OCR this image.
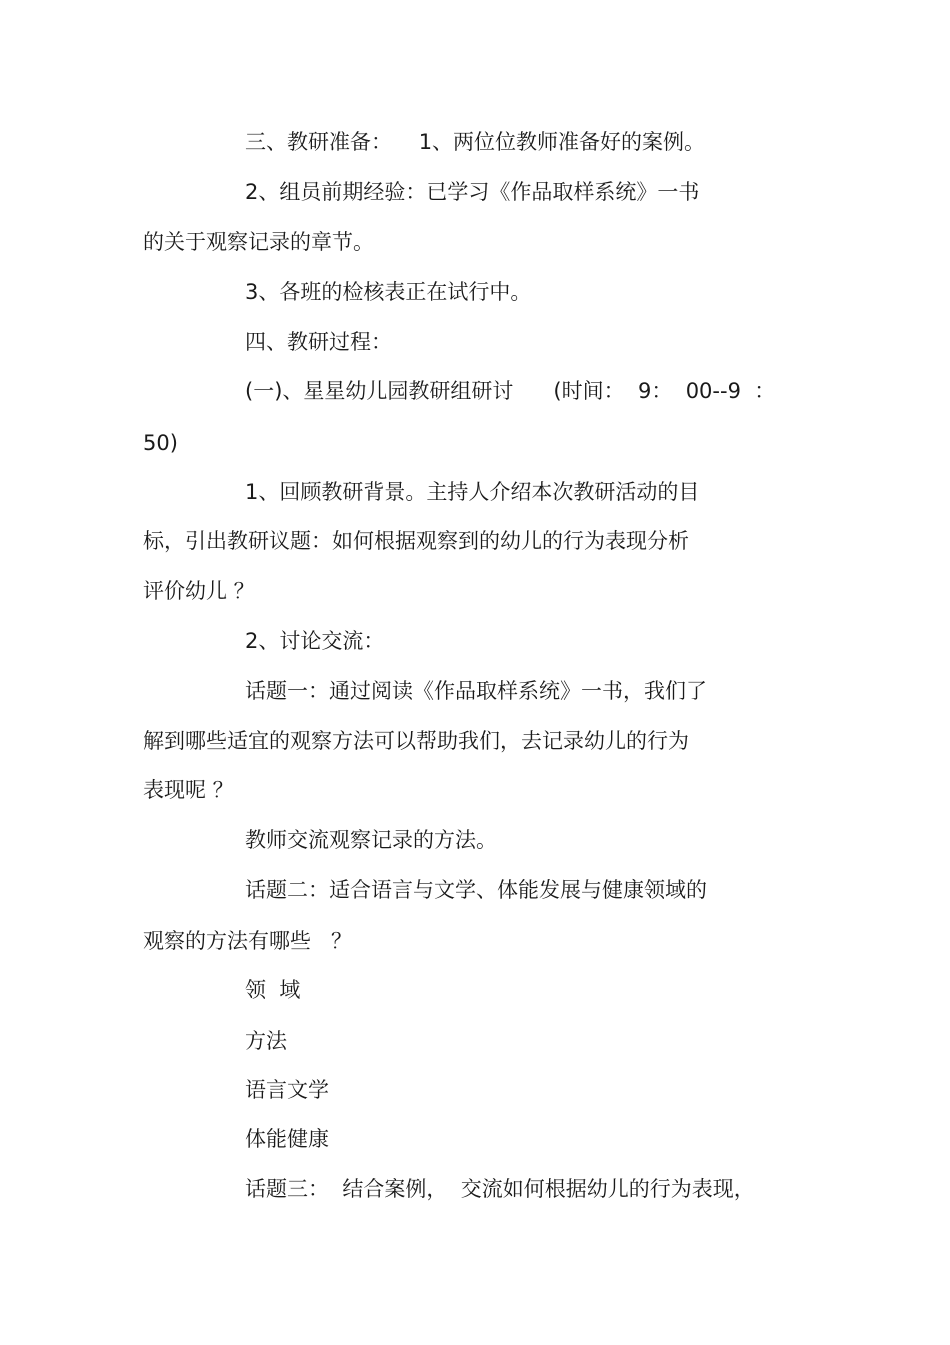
三、教研准备：    1、两位位教师准备好的案例。
2、组员前期经验：已学习《作品取样系统》一书
的关于观察记录的章节。
3、各班的检核表正在试行中。
四、教研过程：
(一)、星星幼儿园教研组研讨      (时间：  9：  00--9  ：
50)
1、回顾教研背景。主持人介绍本次教研活动的目
标，引出教研议题：如何根据观察到的幼儿的行为表现分析
评价幼儿 ？
2、讨论交流：
话题一：通过阅读《作品取样系统》一书，我们了
解到哪些适宜的观察方法可以帮助我们，去记录幼儿的行为
表现呢 ？
教师交流观察记录的方法。
话题二：适合语言与文学、体能发展与健康领域的
观察的方法有哪些   ？
领  域
方法
语言文学
体能健康
话题三：  结合案例，  交流如何根据幼儿的行为表现，
